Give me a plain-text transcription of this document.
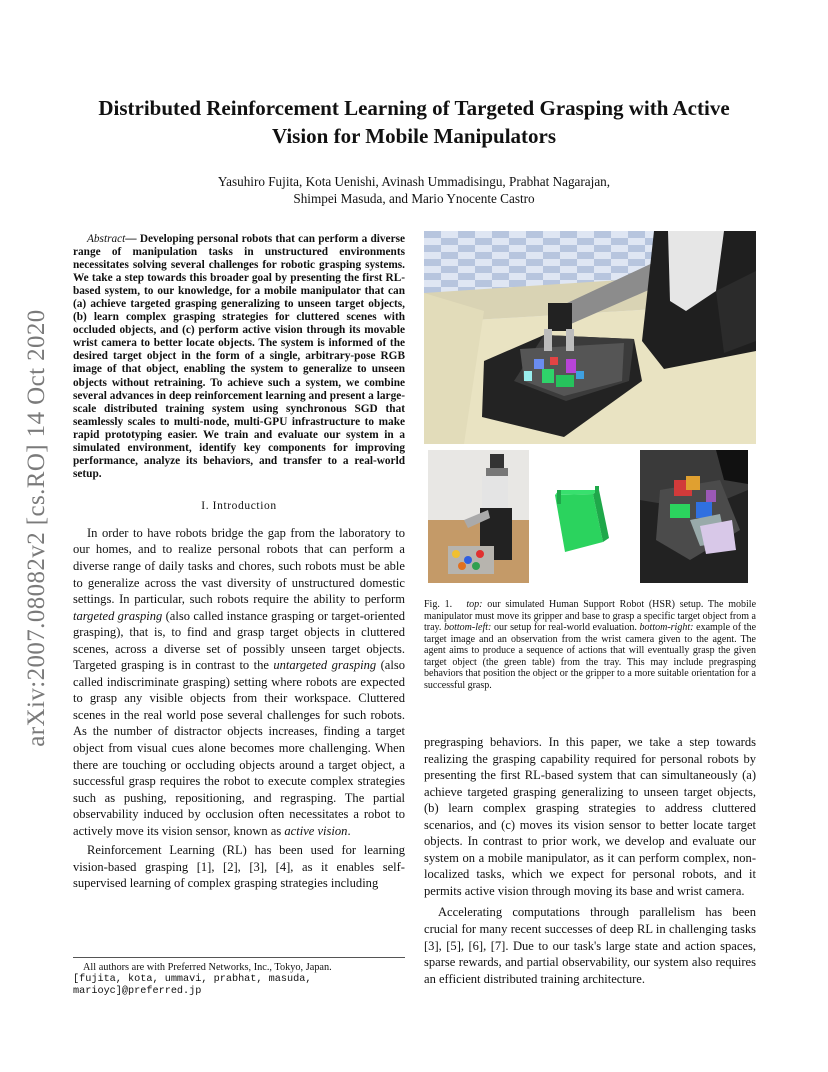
arXiv:2007.08082v2 [cs.RO] 14 Oct 2020
Distributed Reinforcement Learning of Targeted Grasping with Active
Vision for Mobile Manipulators
Yasuhiro Fujita, Kota Uenishi, Avinash Ummadisingu, Prabhat Nagarajan,
Shimpei Masuda, and Mario Ynocente Castro

Abstract— Developing personal robots that can perform a diverse range of manipulation tasks in unstructured environments necessitates solving several challenges for robotic grasping systems. We take a step towards this broader goal by presenting the first RL-based system, to our knowledge, for a mobile manipulator that can (a) achieve targeted grasping generalizing to unseen target objects, (b) learn complex grasping strategies for cluttered scenes with occluded objects, and (c) perform active vision through its movable wrist camera to better locate objects. The system is informed of the desired target object in the form of a single, arbitrary-pose RGB image of that object, enabling the system to generalize to unseen objects without retraining. To achieve such a system, we combine several advances in deep reinforcement learning and present a large-scale distributed training system using synchronous SGD that seamlessly scales to multi-node, multi-GPU infrastructure to make rapid prototyping easier. We train and evaluate our system in a simulated environment, identify key components for improving performance, analyze its behaviors, and transfer to a real-world setup.

I. Introduction

In order to have robots bridge the gap from the laboratory to our homes, and to realize personal robots that can perform a diverse range of daily tasks and chores, such robots must be able to generalize across the vast diversity of unstructured domestic settings. In particular, such robots require the ability to perform targeted grasping (also called instance grasping or target-oriented grasping), that is, to find and grasp target objects in cluttered scenes, across a diverse set of possibly unseen target objects. Targeted grasping is in contrast to the untargeted grasping (also called indiscriminate grasping) setting where robots are expected to grasp any visible objects from their workspace. Cluttered scenes in the real world pose several challenges for such robots. As the number of distractor objects increases, finding a target object from visual cues alone becomes more challenging. When there are touching or occluding objects around a target object, a successful grasp requires the robot to execute complex strategies such as pushing, repositioning, and regrasping. The partial observability induced by occlusion often necessitates a robot to actively move its vision sensor, known as active vision.

Reinforcement Learning (RL) has been used for learning vision-based grasping [1], [2], [3], [4], as it enables self-supervised learning of complex grasping strategies including

All authors are with Preferred Networks, Inc., Tokyo, Japan.
[fujita, kota, ummavi, prabhat, masuda, marioyc]@preferred.jp
Fig. 1. top: our simulated Human Support Robot (HSR) setup. The mobile manipulator must move its gripper and base to grasp a specific target object from a tray. bottom-left: our setup for real-world evaluation. bottom-right: example of the target image and an observation from the wrist camera given to the agent. The agent aims to produce a sequence of actions that will eventually grasp the given target object (the green table) from the tray. This may include pregrasping behaviors that position the object or the gripper to a more suitable orientation for a successful grasp.

pregrasping behaviors. In this paper, we take a step towards realizing the grasping capability required for personal robots by presenting the first RL-based system that can simultaneously (a) achieve targeted grasping generalizing to unseen target objects, (b) learn complex grasping strategies to address cluttered scenarios, and (c) moves its vision sensor to better locate target objects. In contrast to prior work, we develop and evaluate our system on a mobile manipulator, as it can perform complex, non-localized tasks, which we expect for personal robots, and it permits active vision through moving its base and wrist camera.

Accelerating computations through parallelism has been crucial for many recent successes of deep RL in challenging tasks [3], [5], [6], [7]. Due to our task's large state and action spaces, sparse rewards, and partial observability, our system also requires an efficient distributed training architecture.
